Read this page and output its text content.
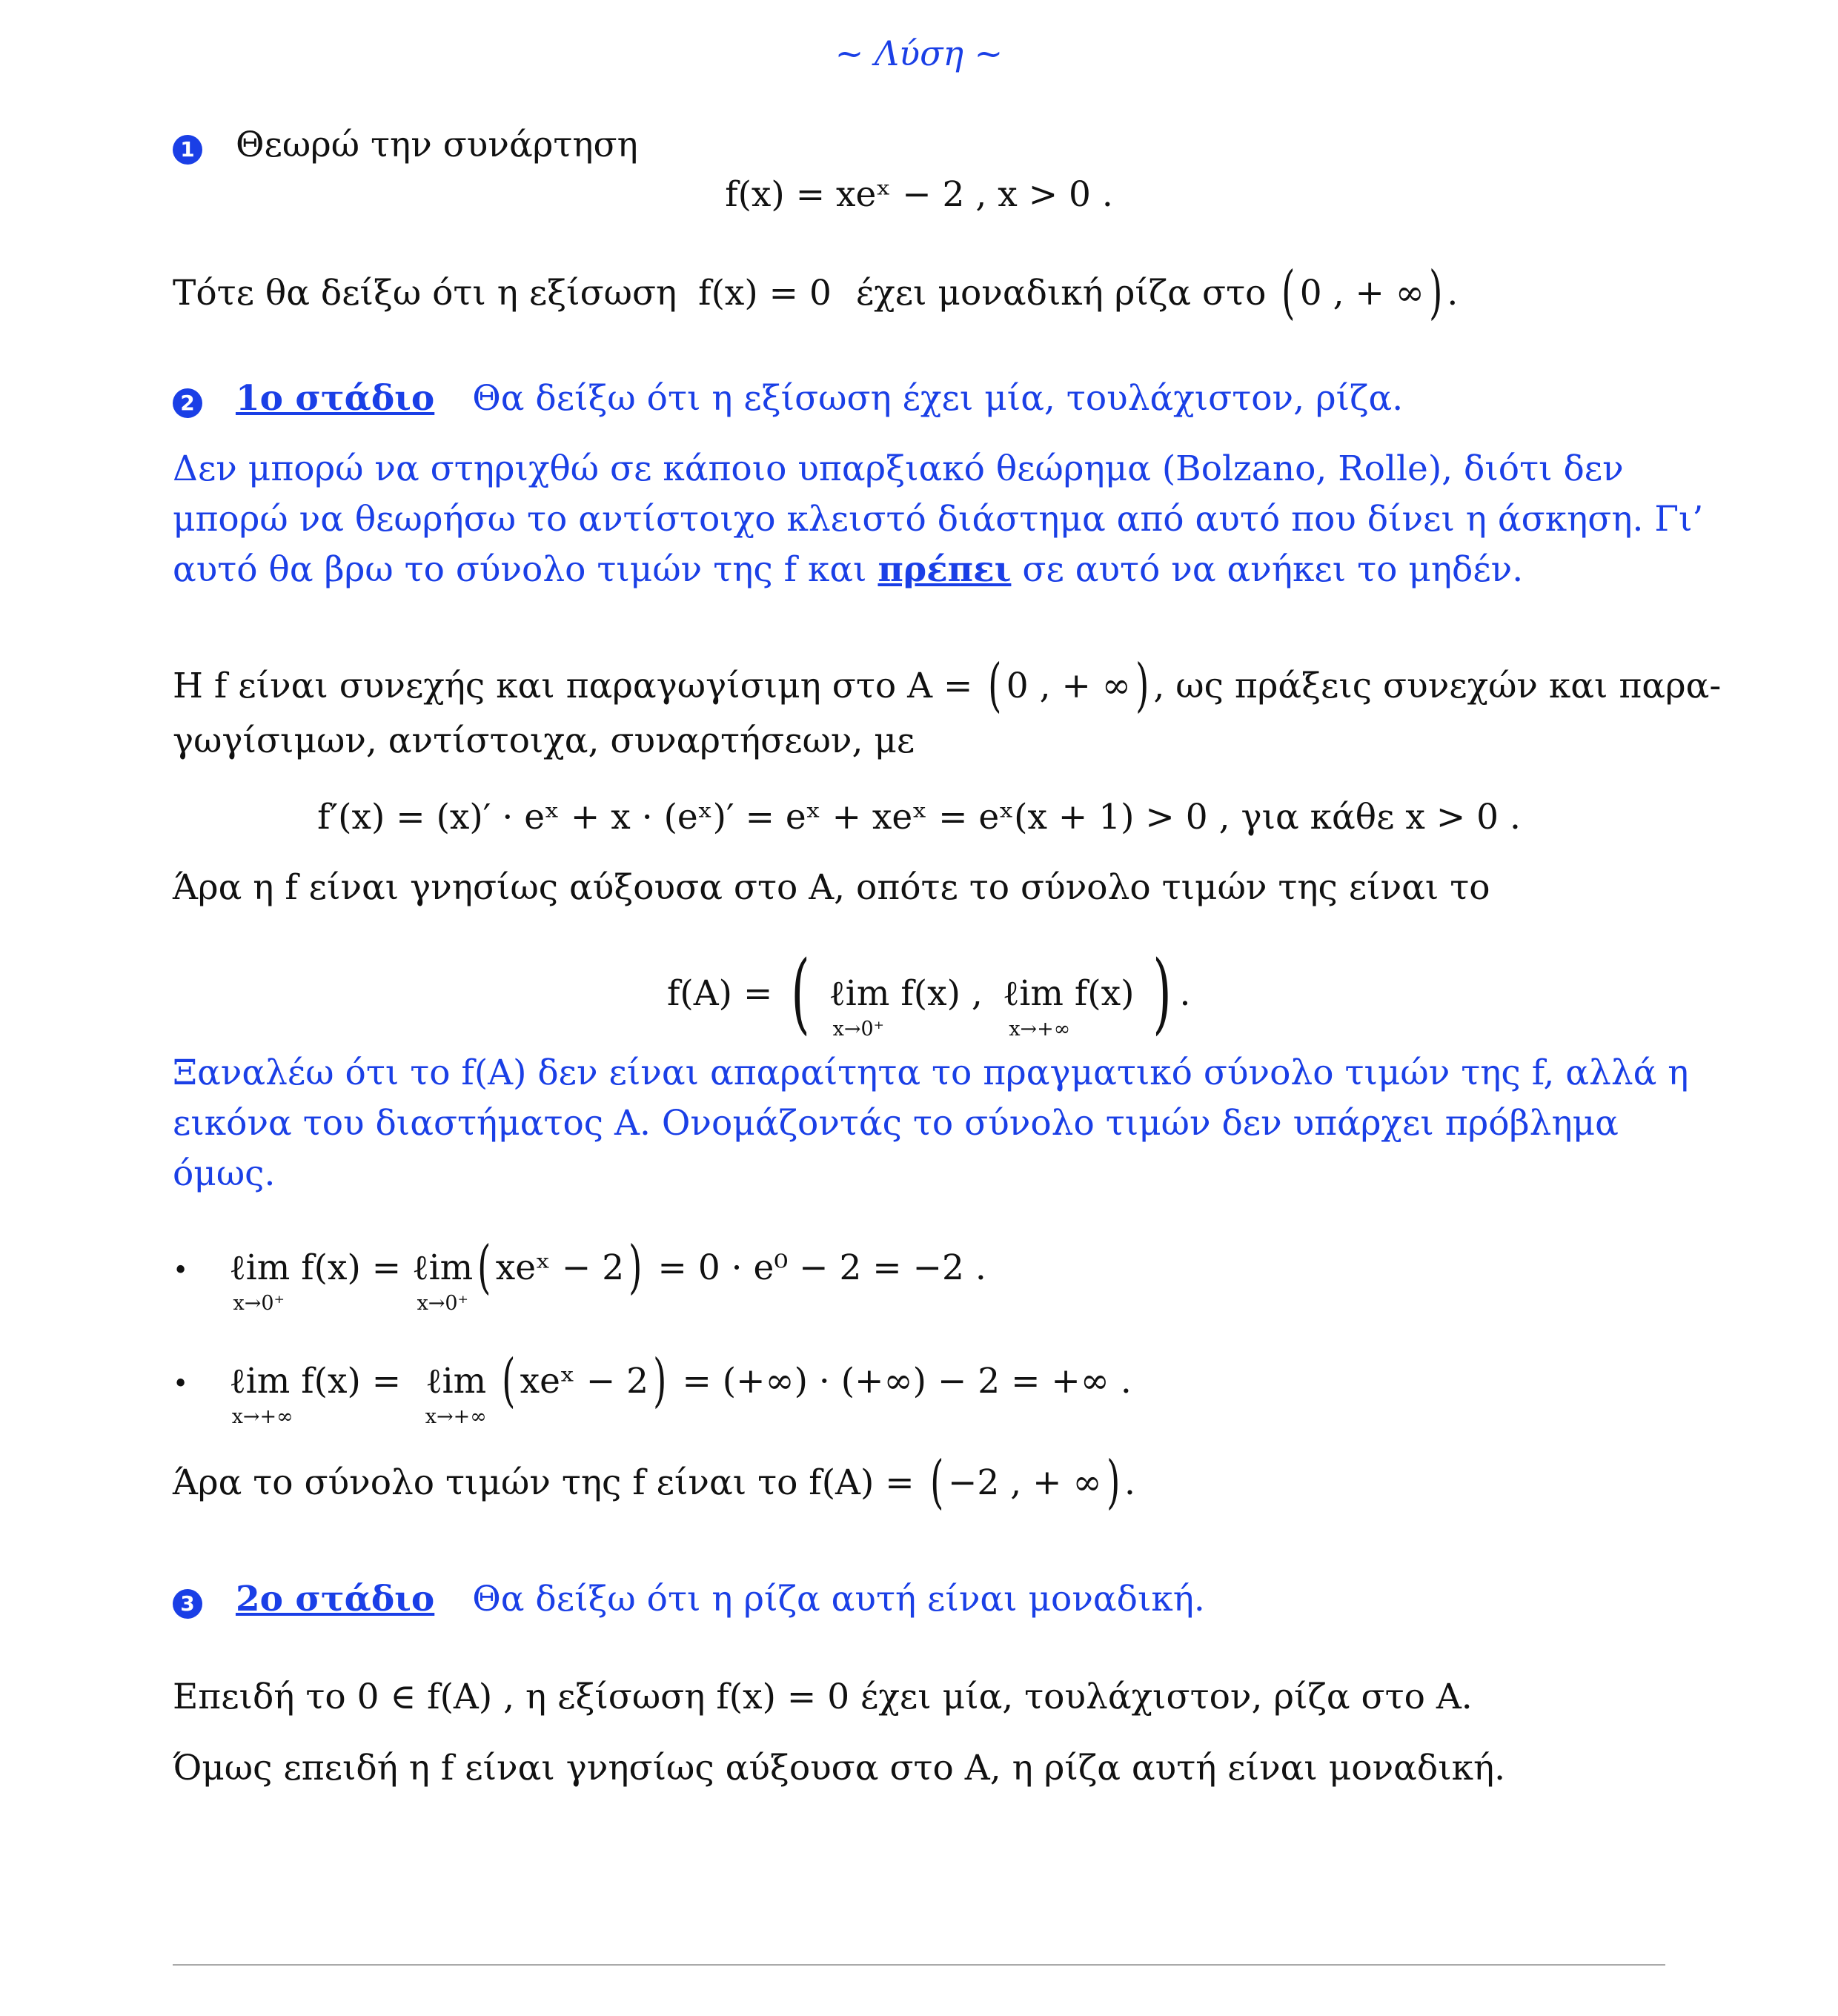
~ Λύση ~
1 Θεωρώ την συνάρτηση
f(x) = xeˣ − 2 , x > 0 .
Τότε θα δείξω ότι η εξίσωση f(x) = 0 έχει μοναδική ρίζα στο ( 0 , + ∞) .
2 1ο στάδιο Θα δείξω ότι η εξίσωση έχει μία, τουλάχιστον, ρίζα.
Δεν μπορώ να στηριχθώ σε κάποιο υπαρξιακό θεώρημα (Bolzano, Rolle), διότι δεν
μπορώ να θεωρήσω το αντίστοιχο κλειστό διάστημα από αυτό που δίνει η άσκηση. Γι’
αυτό θα βρω το σύνολο τιμών της f και πρέπει σε αυτό να ανήκει το μηδέν.
Η f είναι συνεχής και παραγωγίσιμη στο A = ( 0 , + ∞) , ως πράξεις συνεχών και παρα-
γωγίσιμων, αντίστοιχα, συναρτήσεων, με
f′(x) = (x)′ · eˣ + x · (eˣ)′ = eˣ + xeˣ = eˣ(x + 1) > 0 , για κάθε x > 0 .
Άρα η f είναι γνησίως αύξουσα στο A, οπότε το σύνολο τιμών της είναι το
f(A) = ( ℓim f(x)
x→0⁺
, ℓim f(x)
x→+∞ ) .
Ξαναλέω ότι το f(A) δεν είναι απαραίτητα το πραγματικό σύνολο τιμών της f, αλλά η
εικόνα του διαστήματος A. Ονομάζοντάς το σύνολο τιμών δεν υπάρχει πρόβλημα
όμως.
• ℓim f(x)
x→0⁺
= ℓim
x→0⁺
( xeˣ − 2) = 0 · e⁰ − 2 = −2 .
• ℓim f(x)
x→+∞
= ℓim
x→+∞
( xeˣ − 2) = (+∞) · (+∞) − 2 = +∞ .
Άρα το σύνολο τιμών της f είναι το f(A) = ( −2 , + ∞) .
3 2ο στάδιο Θα δείξω ότι η ρίζα αυτή είναι μοναδική.
Επειδή το 0 ∈ f(A) , η εξίσωση f(x) = 0 έχει μία, τουλάχιστον, ρίζα στο A.
Όμως επειδή η f είναι γνησίως αύξουσα στο A, η ρίζα αυτή είναι μοναδική.
